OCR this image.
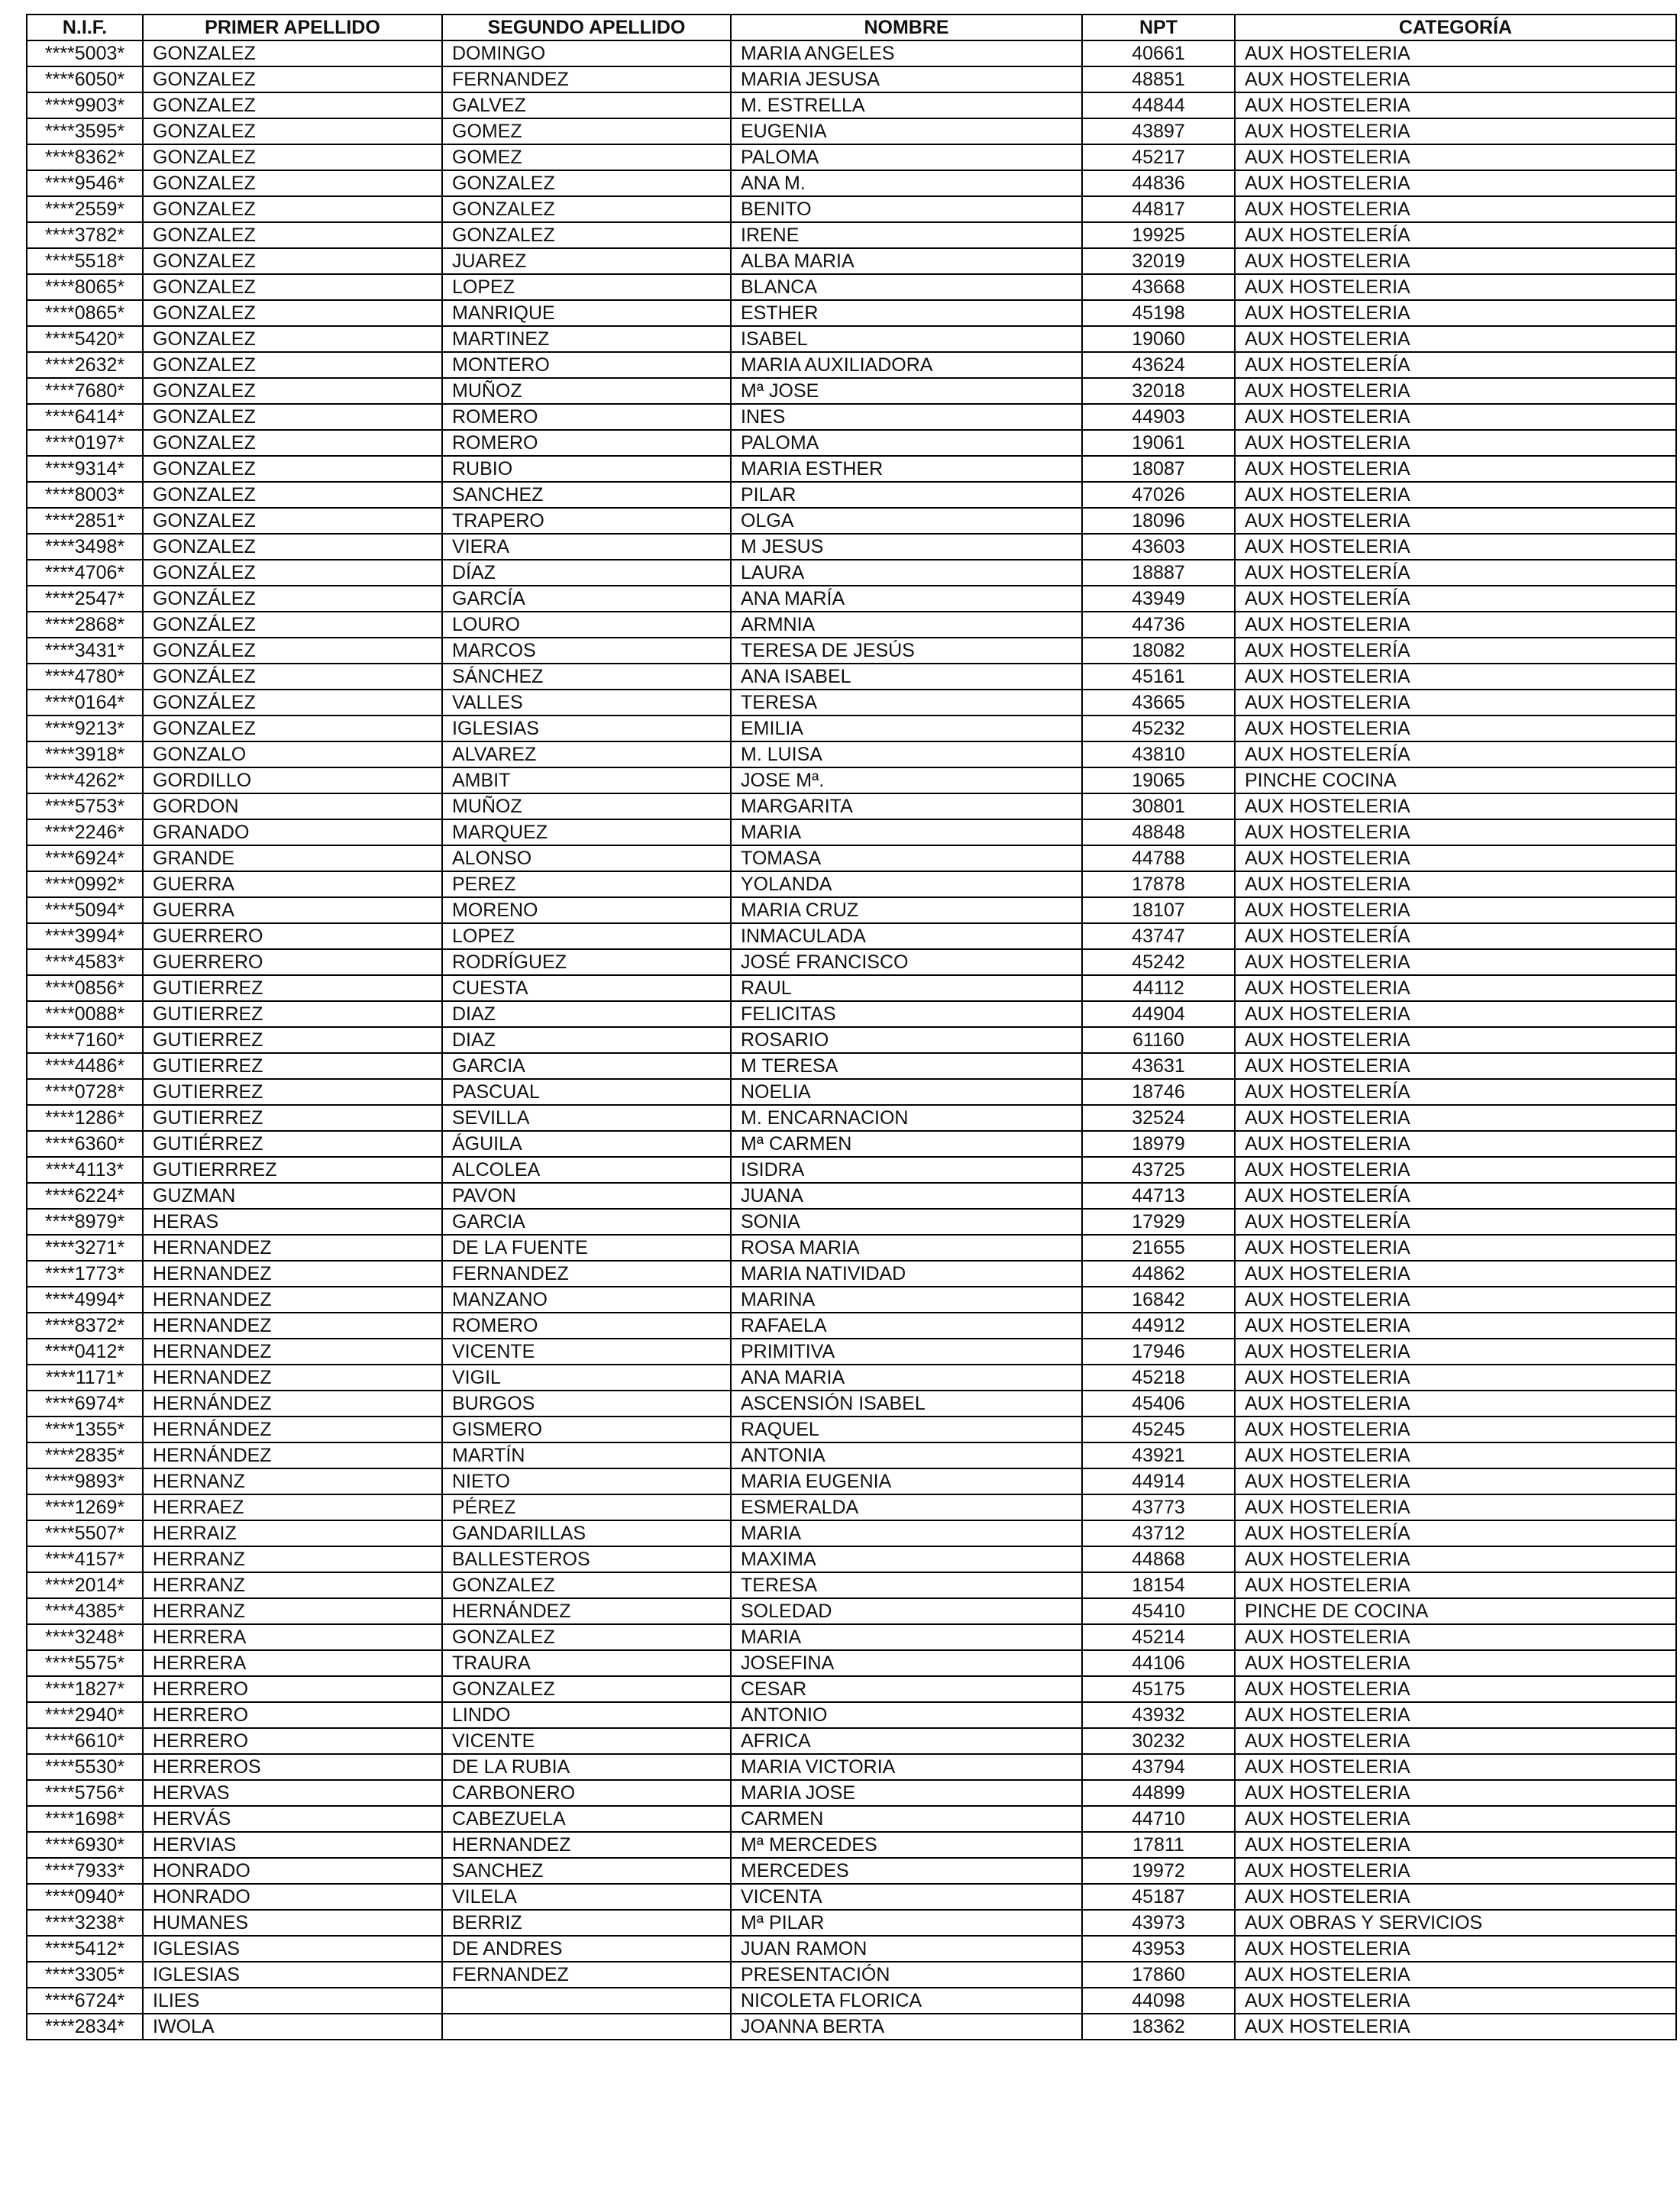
N.I.F.	PRIMER APELLIDO	SEGUNDO APELLIDO	NOMBRE	NPT	CATEGORÍA
****5003*	GONZALEZ	DOMINGO	MARIA ANGELES	40661	AUX HOSTELERIA
****6050*	GONZALEZ	FERNANDEZ	MARIA JESUSA	48851	AUX HOSTELERIA
****9903*	GONZALEZ	GALVEZ	M. ESTRELLA	44844	AUX HOSTELERIA
****3595*	GONZALEZ	GOMEZ	EUGENIA	43897	AUX HOSTELERIA
****8362*	GONZALEZ	GOMEZ	PALOMA	45217	AUX HOSTELERIA
****9546*	GONZALEZ	GONZALEZ	ANA M.	44836	AUX HOSTELERIA
****2559*	GONZALEZ	GONZALEZ	BENITO	44817	AUX HOSTELERIA
****3782*	GONZALEZ	GONZALEZ	IRENE	19925	AUX HOSTELERÍA
****5518*	GONZALEZ	JUAREZ	ALBA MARIA	32019	AUX HOSTELERIA
****8065*	GONZALEZ	LOPEZ	BLANCA	43668	AUX HOSTELERIA
****0865*	GONZALEZ	MANRIQUE	ESTHER	45198	AUX HOSTELERIA
****5420*	GONZALEZ	MARTINEZ	ISABEL	19060	AUX HOSTELERIA
****2632*	GONZALEZ	MONTERO	MARIA AUXILIADORA	43624	AUX HOSTELERÍA
****7680*	GONZALEZ	MUÑOZ	Mª JOSE	32018	AUX HOSTELERIA
****6414*	GONZALEZ	ROMERO	INES	44903	AUX HOSTELERIA
****0197*	GONZALEZ	ROMERO	PALOMA	19061	AUX HOSTELERIA
****9314*	GONZALEZ	RUBIO	MARIA ESTHER	18087	AUX HOSTELERIA
****8003*	GONZALEZ	SANCHEZ	PILAR	47026	AUX HOSTELERIA
****2851*	GONZALEZ	TRAPERO	OLGA	18096	AUX HOSTELERIA
****3498*	GONZALEZ	VIERA	M JESUS	43603	AUX HOSTELERIA
****4706*	GONZÁLEZ	DÍAZ	LAURA	18887	AUX HOSTELERÍA
****2547*	GONZÁLEZ	GARCÍA	ANA MARÍA	43949	AUX HOSTELERÍA
****2868*	GONZÁLEZ	LOURO	ARMNIA	44736	AUX HOSTELERIA
****3431*	GONZÁLEZ	MARCOS	TERESA DE JESÚS	18082	AUX HOSTELERÍA
****4780*	GONZÁLEZ	SÁNCHEZ	ANA ISABEL	45161	AUX HOSTELERIA
****0164*	GONZÁLEZ	VALLES	TERESA	43665	AUX HOSTELERIA
****9213*	GONZALEZ	IGLESIAS	EMILIA	45232	AUX HOSTELERIA
****3918*	GONZALO	ALVAREZ	M. LUISA	43810	AUX HOSTELERÍA
****4262*	GORDILLO	AMBIT	JOSE Mª.	19065	PINCHE COCINA
****5753*	GORDON	MUÑOZ	MARGARITA	30801	AUX HOSTELERIA
****2246*	GRANADO	MARQUEZ	MARIA	48848	AUX HOSTELERIA
****6924*	GRANDE	ALONSO	TOMASA	44788	AUX HOSTELERIA
****0992*	GUERRA	PEREZ	YOLANDA	17878	AUX HOSTELERIA
****5094*	GUERRA	MORENO	MARIA CRUZ	18107	AUX HOSTELERIA
****3994*	GUERRERO	LOPEZ	INMACULADA	43747	AUX HOSTELERÍA
****4583*	GUERRERO	RODRÍGUEZ	JOSÉ FRANCISCO	45242	AUX HOSTELERIA
****0856*	GUTIERREZ	CUESTA	RAUL	44112	AUX HOSTELERIA
****0088*	GUTIERREZ	DIAZ	FELICITAS	44904	AUX HOSTELERIA
****7160*	GUTIERREZ	DIAZ	ROSARIO	61160	AUX HOSTELERIA
****4486*	GUTIERREZ	GARCIA	M TERESA	43631	AUX HOSTELERIA
****0728*	GUTIERREZ	PASCUAL	NOELIA	18746	AUX HOSTELERÍA
****1286*	GUTIERREZ	SEVILLA	M. ENCARNACION	32524	AUX HOSTELERIA
****6360*	GUTIÉRREZ	ÁGUILA	Mª CARMEN	18979	AUX HOSTELERIA
****4113*	GUTIERRREZ	ALCOLEA	ISIDRA	43725	AUX HOSTELERIA
****6224*	GUZMAN	PAVON	JUANA	44713	AUX HOSTELERÍA
****8979*	HERAS	GARCIA	SONIA	17929	AUX HOSTELERÍA
****3271*	HERNANDEZ	DE LA FUENTE	ROSA MARIA	21655	AUX HOSTELERIA
****1773*	HERNANDEZ	FERNANDEZ	MARIA NATIVIDAD	44862	AUX HOSTELERIA
****4994*	HERNANDEZ	MANZANO	MARINA	16842	AUX HOSTELERIA
****8372*	HERNANDEZ	ROMERO	RAFAELA	44912	AUX HOSTELERIA
****0412*	HERNANDEZ	VICENTE	PRIMITIVA	17946	AUX HOSTELERIA
****1171*	HERNANDEZ	VIGIL	ANA MARIA	45218	AUX HOSTELERIA
****6974*	HERNÁNDEZ	BURGOS	ASCENSIÓN ISABEL	45406	AUX HOSTELERIA
****1355*	HERNÁNDEZ	GISMERO	RAQUEL	45245	AUX HOSTELERIA
****2835*	HERNÁNDEZ	MARTÍN	ANTONIA	43921	AUX HOSTELERIA
****9893*	HERNANZ	NIETO	MARIA EUGENIA	44914	AUX HOSTELERIA
****1269*	HERRAEZ	PÉREZ	ESMERALDA	43773	AUX HOSTELERIA
****5507*	HERRAIZ	GANDARILLAS	MARIA	43712	AUX HOSTELERÍA
****4157*	HERRANZ	BALLESTEROS	MAXIMA	44868	AUX HOSTELERIA
****2014*	HERRANZ	GONZALEZ	TERESA	18154	AUX HOSTELERIA
****4385*	HERRANZ	HERNÁNDEZ	SOLEDAD	45410	PINCHE DE COCINA
****3248*	HERRERA	GONZALEZ	MARIA	45214	AUX HOSTELERIA
****5575*	HERRERA	TRAURA	JOSEFINA	44106	AUX HOSTELERIA
****1827*	HERRERO	GONZALEZ	CESAR	45175	AUX HOSTELERIA
****2940*	HERRERO	LINDO	ANTONIO	43932	AUX HOSTELERIA
****6610*	HERRERO	VICENTE	AFRICA	30232	AUX HOSTELERIA
****5530*	HERREROS	DE LA RUBIA	MARIA VICTORIA	43794	AUX HOSTELERIA
****5756*	HERVAS	CARBONERO	MARIA JOSE	44899	AUX HOSTELERIA
****1698*	HERVÁS	CABEZUELA	CARMEN	44710	AUX HOSTELERIA
****6930*	HERVIAS	HERNANDEZ	Mª MERCEDES	17811	AUX HOSTELERIA
****7933*	HONRADO	SANCHEZ	MERCEDES	19972	AUX HOSTELERIA
****0940*	HONRADO	VILELA	VICENTA	45187	AUX HOSTELERIA
****3238*	HUMANES	BERRIZ	Mª PILAR	43973	AUX OBRAS Y SERVICIOS
****5412*	IGLESIAS	DE ANDRES	JUAN RAMON	43953	AUX HOSTELERIA
****3305*	IGLESIAS	FERNANDEZ	PRESENTACIÓN	17860	AUX HOSTELERIA
****6724*	ILIES		NICOLETA FLORICA	44098	AUX HOSTELERIA
****2834*	IWOLA		JOANNA BERTA	18362	AUX HOSTELERIA
